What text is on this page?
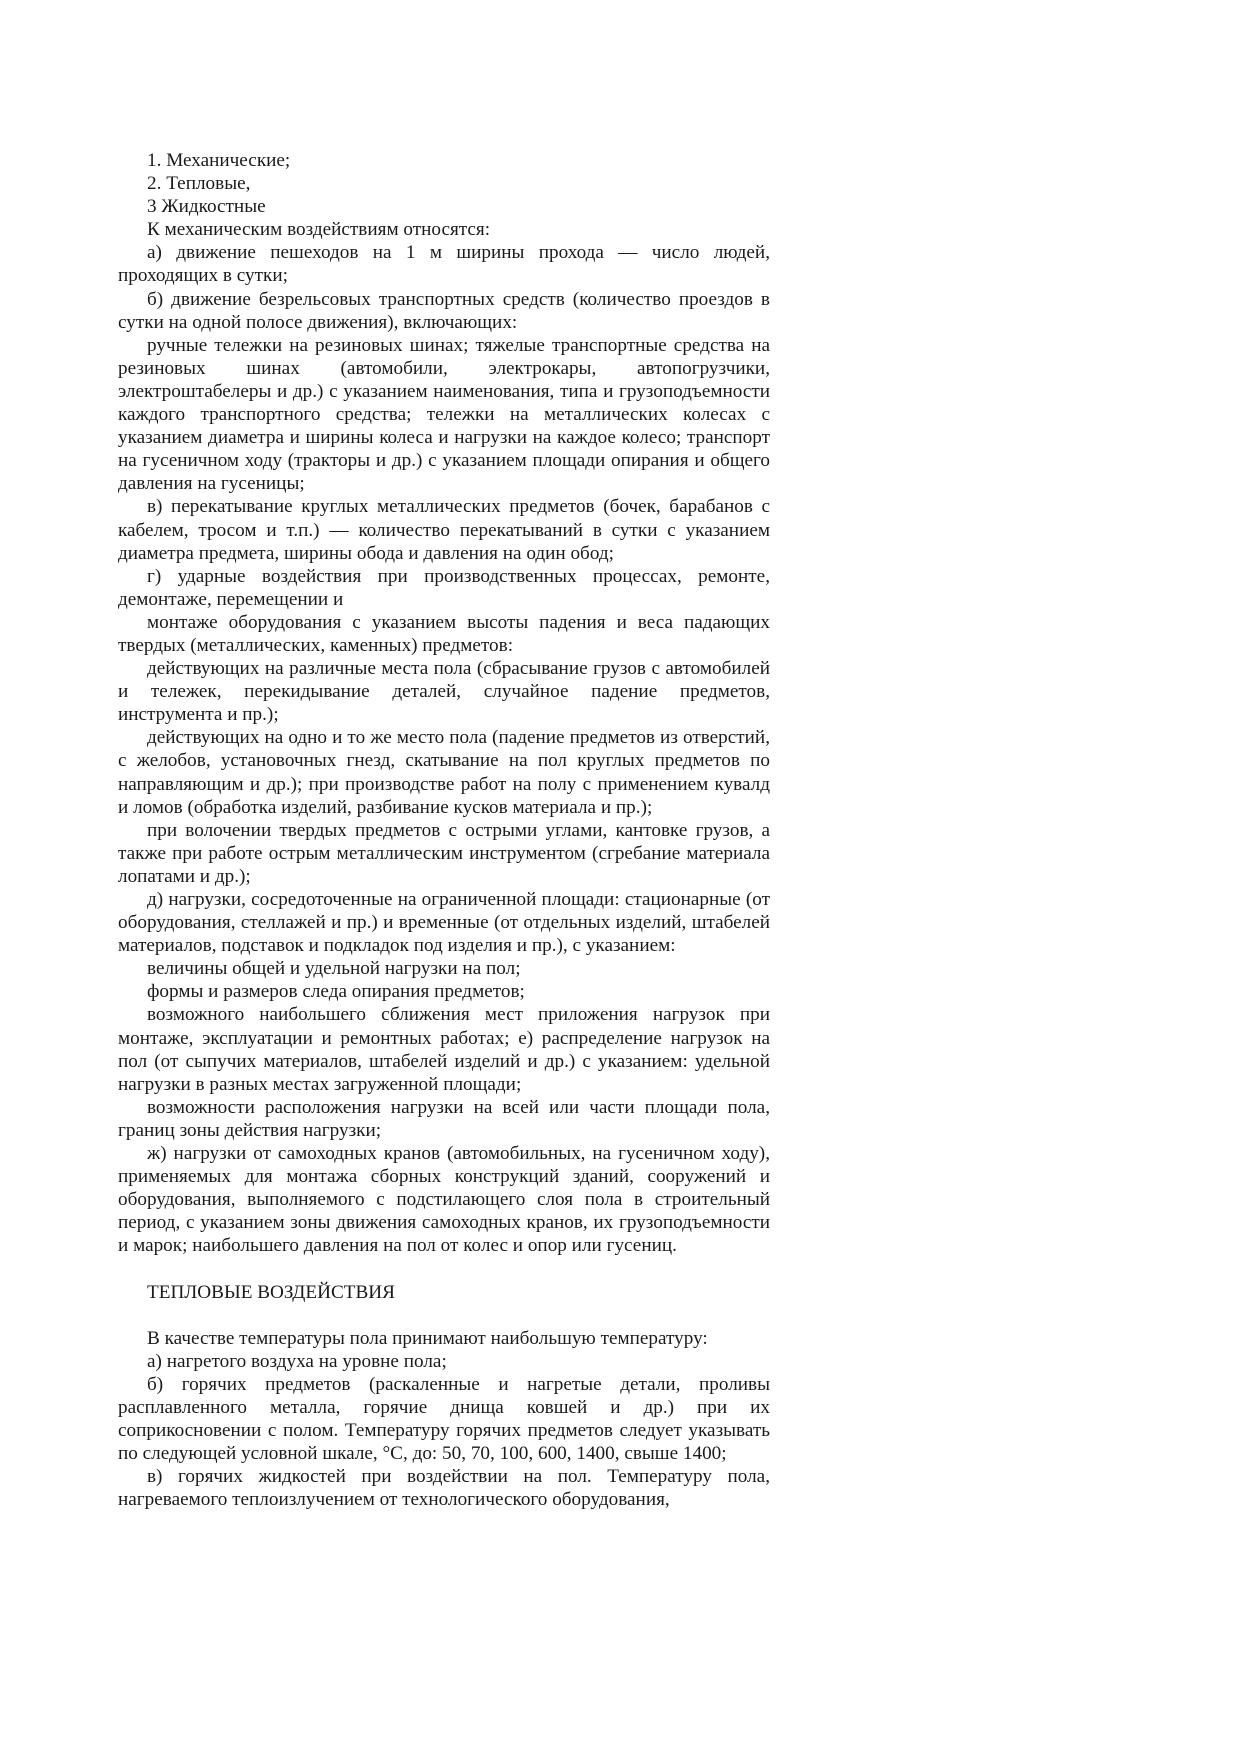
1. Механические;

2. Тепловые,

3 Жидкостные

К механическим воздействиям относятся:

а) движение пешеходов на 1 м ширины прохода — число людей, проходящих в сутки;

б) движение безрельсовых транспортных средств (количество проездов в сутки на одной полосе движения), включающих:

ручные тележки на резиновых шинах; тяжелые транспортные средства на резиновых шинах (автомобили, электрокары, автопогрузчики, электроштабелеры и др.) с указанием наименования, типа и грузоподъемности каждого транспортного средства; тележки на металлических колесах с указанием диаметра и ширины колеса и нагрузки на каждое колесо; транспорт на гусеничном ходу (тракторы и др.) с указанием площади опирания и общего давления на гусеницы;

в) перекатывание круглых металлических предметов (бочек, барабанов с кабелем, тросом и т.п.) — количество перекатываний в сутки с указанием диаметра предмета, ширины обода и давления на один обод;

г) ударные воздействия при производственных процессах, ремонте, демонтаже, перемещении и

монтаже оборудования с указанием высоты падения и веса падающих твердых (металлических, каменных) предметов:

действующих на различные места пола (сбрасывание грузов с автомобилей и тележек, перекидывание деталей, случайное падение предметов, инструмента и пр.);

действующих на одно и то же место пола (падение предметов из отверстий, с желобов, установочных гнезд, скатывание на пол круглых предметов по направляющим и др.); при производстве работ на полу с применением кувалд и ломов (обработка изделий, разбивание кусков материала и пр.);

при волочении твердых предметов с острыми углами, кантовке грузов, а также при работе острым металлическим инструментом (сгребание материала лопатами и др.);

д) нагрузки, сосредоточенные на ограниченной площади: стационарные (от оборудования, стеллажей и пр.) и временные (от отдельных изделий, штабелей материалов, подставок и подкладок под изделия и пр.), с указанием:

величины общей и удельной нагрузки на пол;

формы и размеров следа опирания предметов;

возможного наибольшего сближения мест приложения нагрузок при монтаже, эксплуатации и ремонтных работах; е) распределение нагрузок на пол (от сыпучих материалов, штабелей изделий и др.) с указанием: удельной нагрузки в разных местах загруженной площади;

возможности расположения нагрузки на всей или части площади пола, границ зоны действия нагрузки;

ж) нагрузки от самоходных кранов (автомобильных, на гусеничном ходу), применяемых для монтажа сборных конструкций зданий, сооружений и оборудования, выполняемого с подстилающего слоя пола в строительный период, с указанием зоны движения самоходных кранов, их грузоподъемности и марок; наибольшего давления на пол от колес и опор или гусениц.

ТЕПЛОВЫЕ ВОЗДЕЙСТВИЯ

В качестве температуры пола принимают наибольшую температуру:

а) нагретого воздуха на уровне пола;

б) горячих предметов (раскаленные и нагретые детали, проливы расплавленного металла, горячие днища ковшей и др.) при их соприкосновении с полом. Температуру горячих предметов следует указывать по следующей условной шкале, °С, до: 50, 70, 100, 600, 1400, свыше 1400;

в) горячих жидкостей при воздействии на пол. Температуру пола, нагреваемого теплоизлучением от технологического оборудования,
